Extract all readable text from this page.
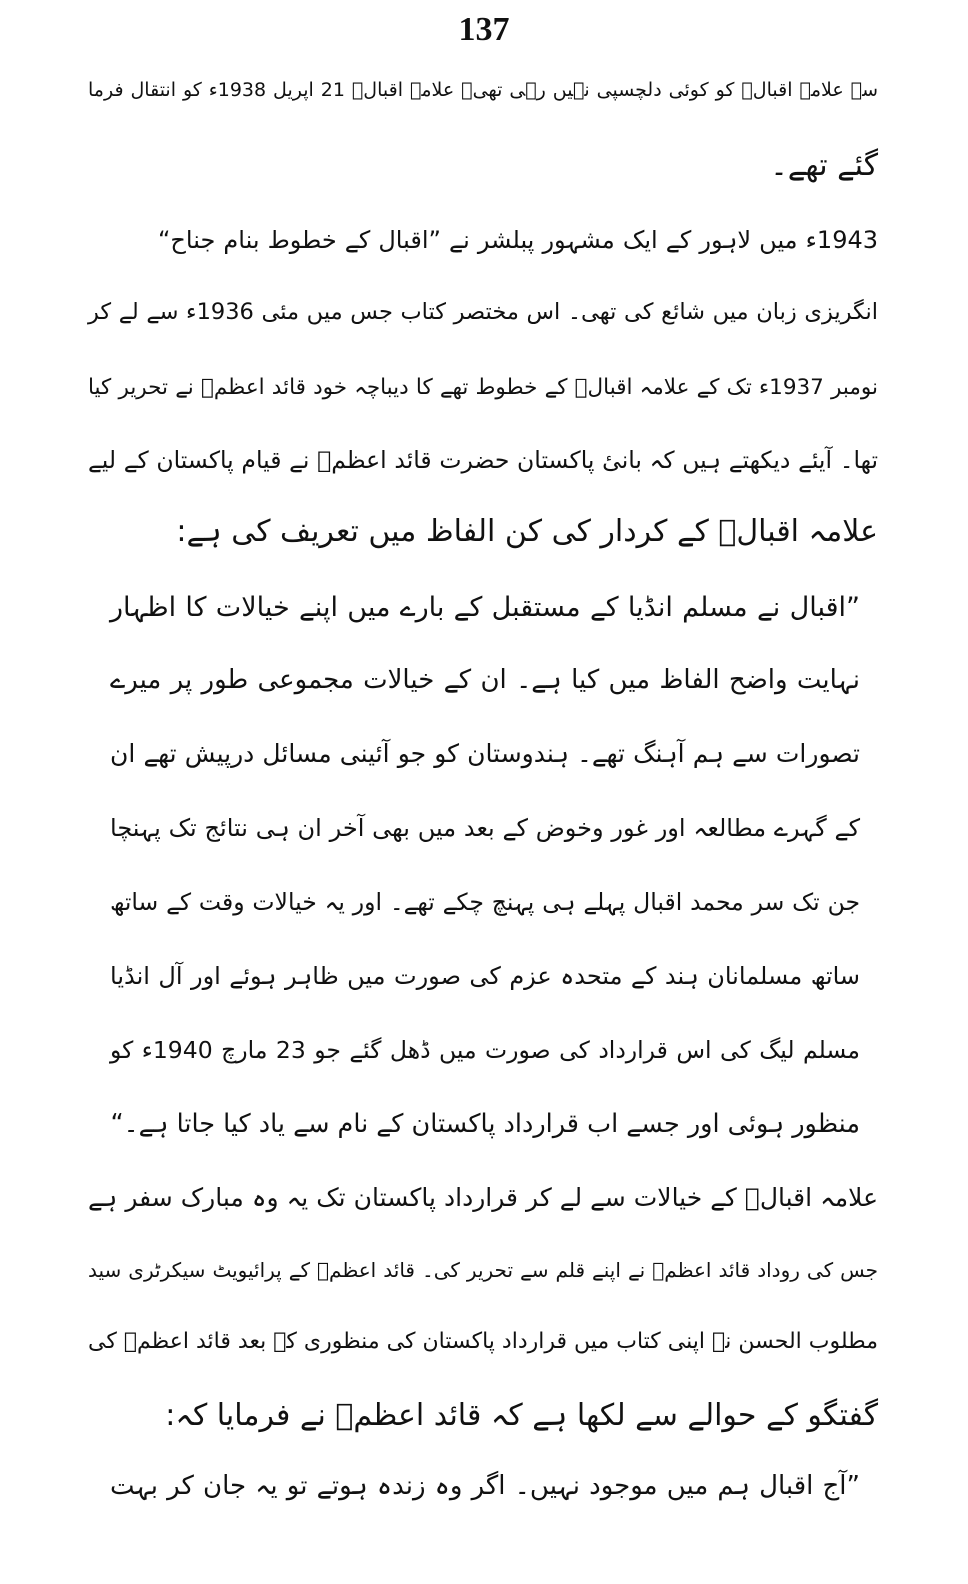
137
سے علامہ اقبالؒ کو کوئی دلچسپی نہیں رہی تھی۔ علامہ اقبالؒ 21 اپریل 1938ء کو انتقال فرما
گئے تھے۔
1943ء میں لاہور کے ایک مشہور پبلشر نے ”اقبال کے خطوط بنام جناح“
انگریزی زبان میں شائع کی تھی۔ اس مختصر کتاب جس میں مئی 1936ء سے لے کر
نومبر 1937ء تک کے علامہ اقبالؒ کے خطوط تھے کا دیباچہ خود قائد اعظمؒ نے تحریر کیا
تھا۔ آیئے دیکھتے ہیں کہ بانیٔ پاکستان حضرت قائد اعظمؒ نے قیام پاکستان کے لیے
علامہ اقبالؒ کے کردار کی کن الفاظ میں تعریف کی ہے:
”اقبال نے مسلم انڈیا کے مستقبل کے بارے میں اپنے خیالات کا اظہار
نہایت واضح الفاظ میں کیا ہے۔ ان کے خیالات مجموعی طور پر میرے
تصورات سے ہم آہنگ تھے۔ ہندوستان کو جو آئینی مسائل درپیش تھے ان
کے گہرے مطالعہ اور غور وخوض کے بعد میں بھی آخر ان ہی نتائج تک پہنچا
جن تک سر محمد اقبال پہلے ہی پہنچ چکے تھے۔ اور یہ خیالات وقت کے ساتھ
ساتھ مسلمانان ہند کے متحدہ عزم کی صورت میں ظاہر ہوئے اور آل انڈیا
مسلم لیگ کی اس قرارداد کی صورت میں ڈھل گئے جو 23 مارچ 1940ء کو
منظور ہوئی اور جسے اب قرارداد پاکستان کے نام سے یاد کیا جاتا ہے۔“
علامہ اقبالؒ کے خیالات سے لے کر قرارداد پاکستان تک یہ وہ مبارک سفر ہے
جس کی روداد قائد اعظمؒ نے اپنے قلم سے تحریر کی۔ قائد اعظمؒ کے پرائیویٹ سیکرٹری سید
مطلوب الحسن نے اپنی کتاب میں قرارداد پاکستان کی منظوری کے بعد قائد اعظمؒ کی
گفتگو کے حوالے سے لکھا ہے کہ قائد اعظمؒ نے فرمایا کہ:
”آج اقبال ہم میں موجود نہیں۔ اگر وہ زندہ ہوتے تو یہ جان کر بہت
